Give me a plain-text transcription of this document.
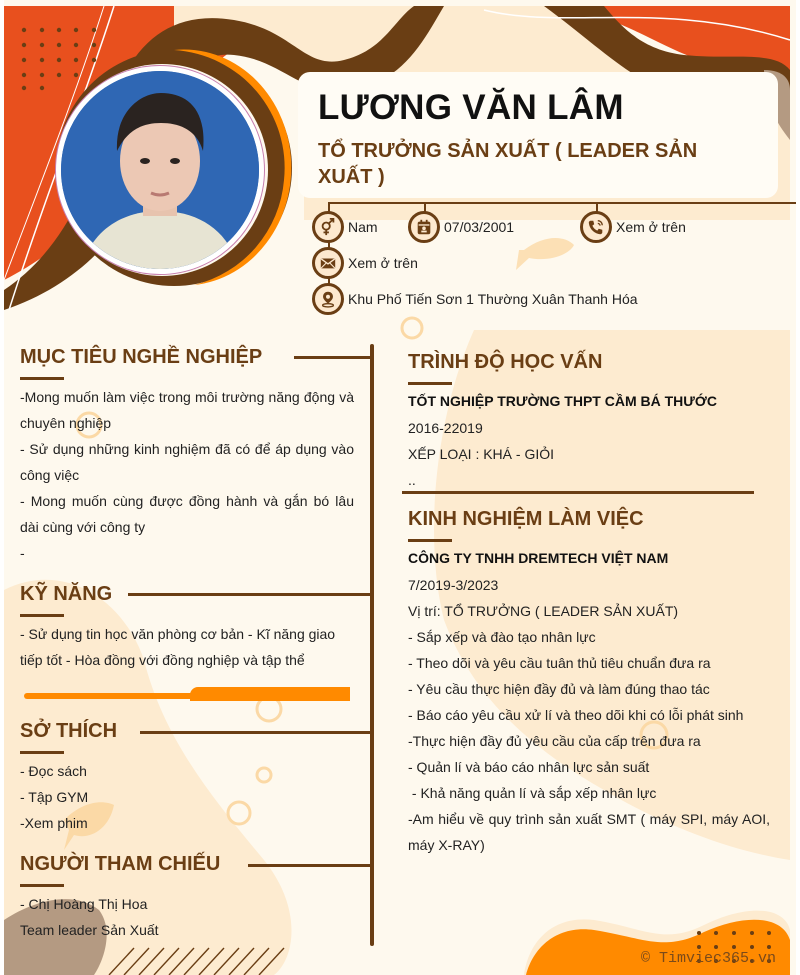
LƯƠNG VĂN LÂM
TỔ TRƯỞNG SẢN XUẤT ( LEADER SẢN XUẤT )
Nam	07/03/2001	Xem ở trên
Xem ở trên
Khu Phố Tiến Sơn 1 Thường Xuân Thanh Hóa
MỤC TIÊU NGHỀ NGHIỆP
-Mong muốn làm việc trong môi trường năng động và chuyên nghiệp
- Sử dụng những kinh nghiệm đã có để áp dụng vào công việc
- Mong muốn cùng được đồng hành và gắn bó lâu dài cùng với công ty
-
KỸ NĂNG
- Sử dụng tin học văn phòng cơ bản - Kĩ năng giao tiếp tốt - Hòa đồng với đồng nghiệp và tập thể
SỞ THÍCH
- Đọc sách
- Tập GYM
-Xem phim
NGƯỜI THAM CHIẾU
- Chị Hoàng Thị Hoa
Team leader Sản Xuất
TRÌNH ĐỘ HỌC VẤN
TỐT NGHIỆP TRƯỜNG THPT CẦM BÁ THƯỚC
2016-22019
XẾP LOẠI : KHÁ - GIỎI
..
KINH NGHIỆM LÀM VIỆC
CÔNG TY TNHH DREMTECH VIỆT NAM
7/2019-3/2023
Vị trí: TỔ TRƯỞNG ( LEADER SẢN XUẤT)
- Sắp xếp và đào tạo nhân lực
- Theo dõi và yêu cầu tuân thủ tiêu chuẩn đưa ra
- Yêu cầu thực hiện đầy đủ và làm đúng thao tác
- Báo cáo yêu cầu xử lí và theo dõi khi có lỗi phát sinh
-Thực hiện đầy đủ yêu cầu của cấp trên đưa ra
- Quản lí và báo cáo nhân lực sản suất
- Khả năng quản lí và sắp xếp nhân lực
-Am hiểu về quy trình sản xuất SMT ( máy SPI, máy AOI, máy X-RAY)
© Timviec365.vn
